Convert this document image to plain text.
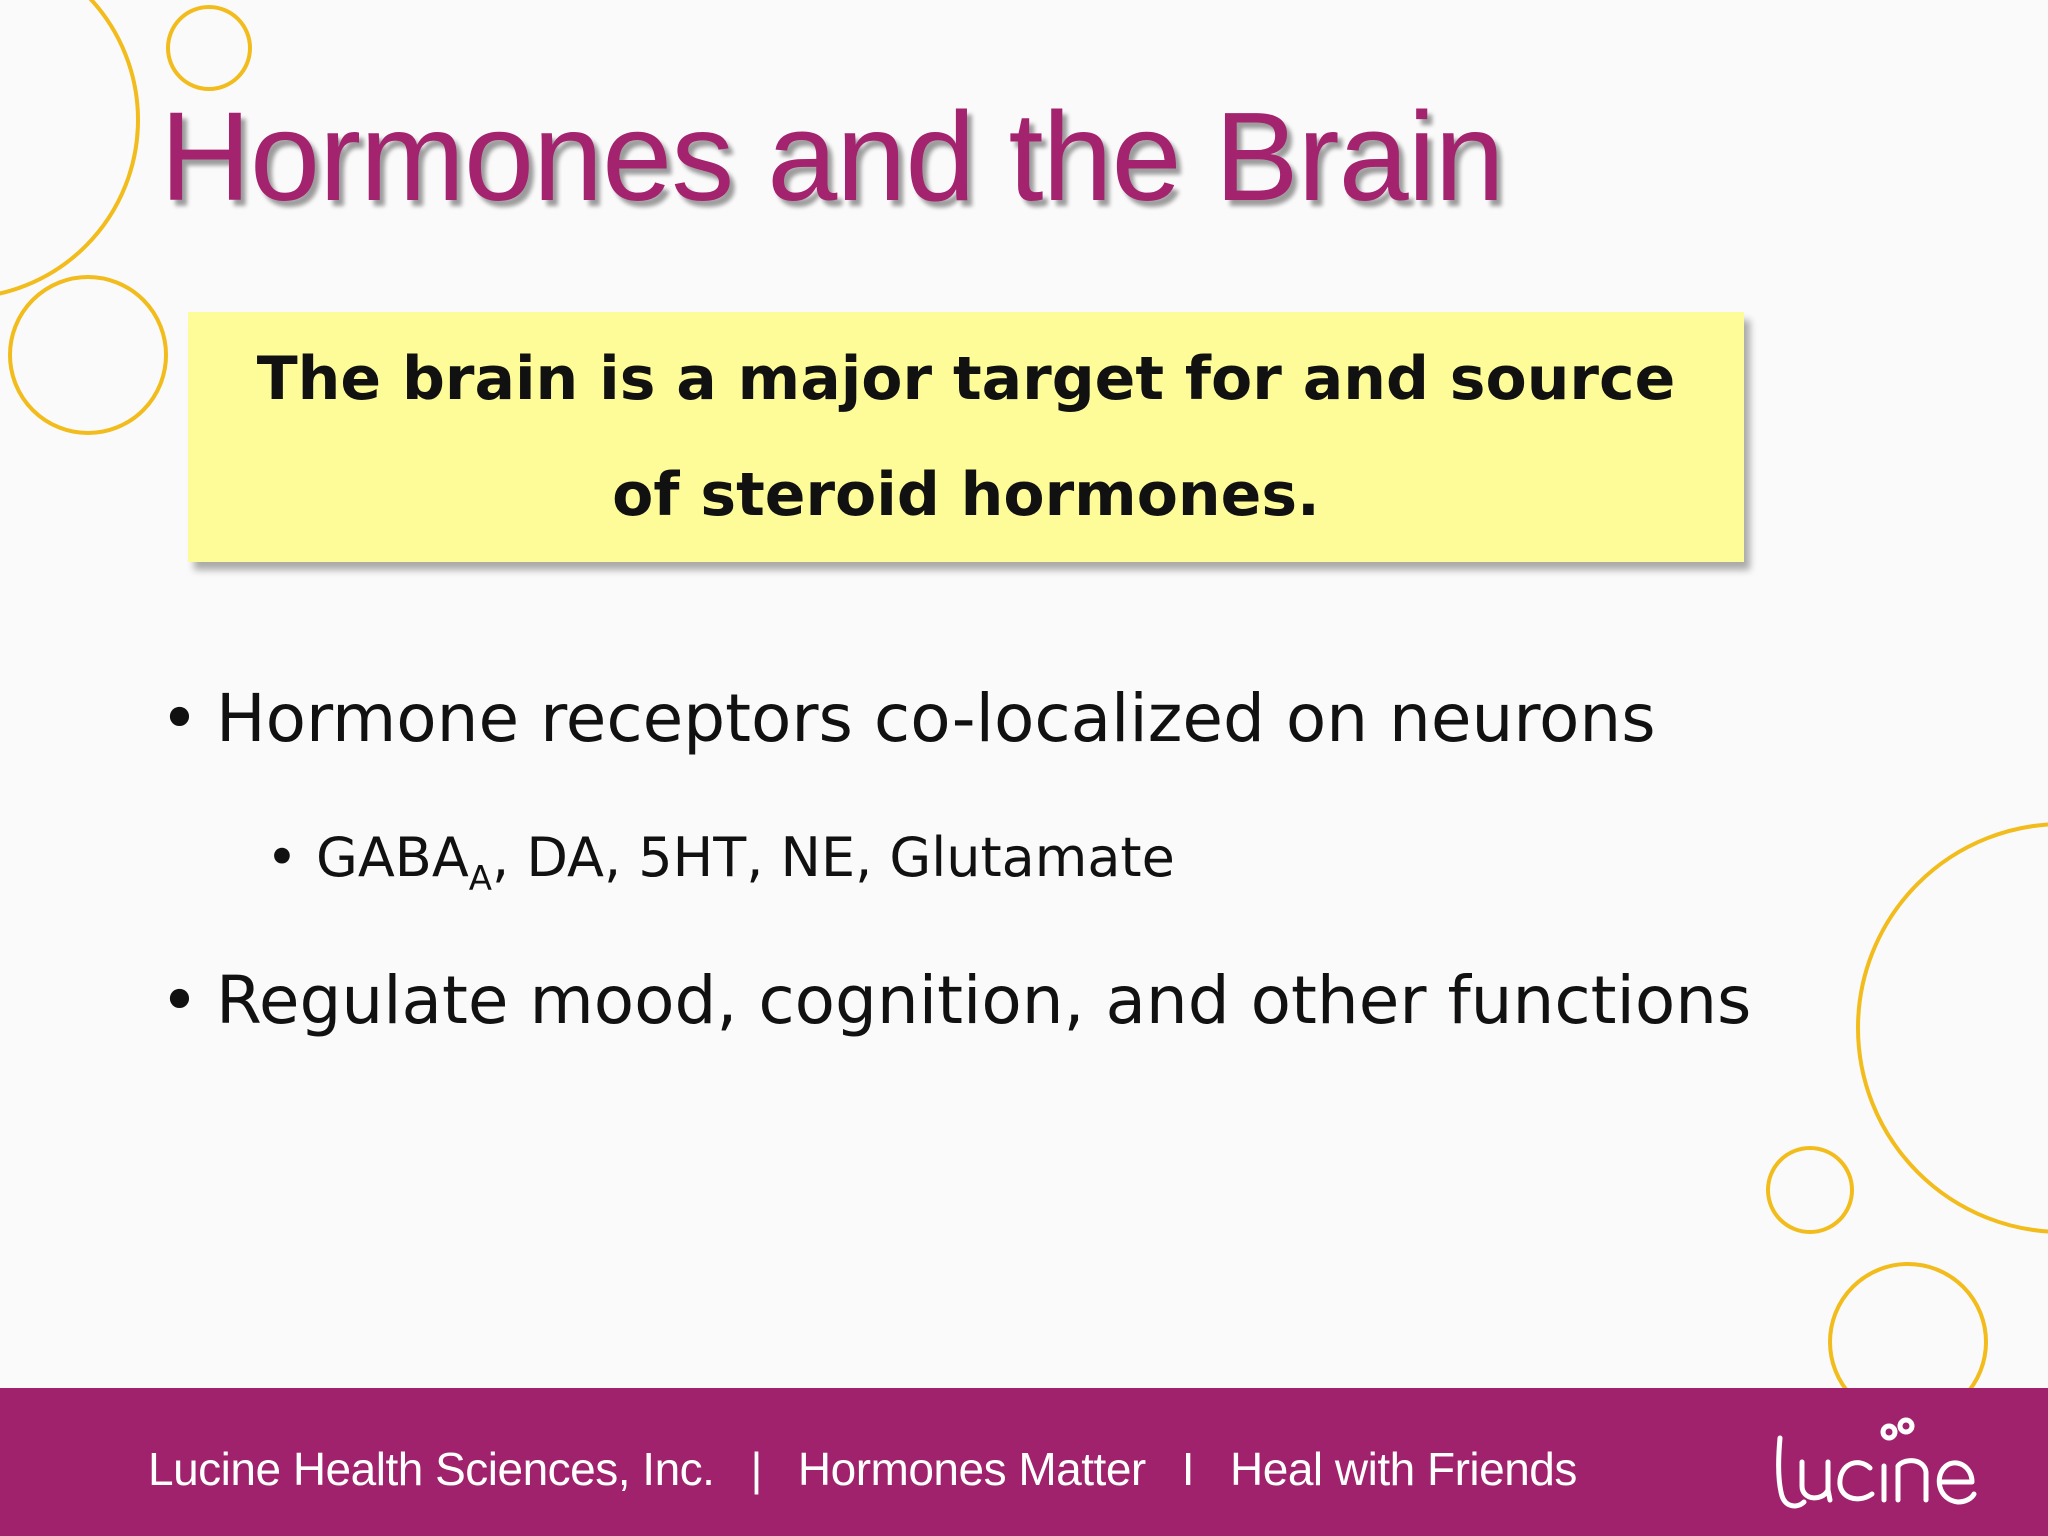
Hormones and the Brain
The brain is a major target for and source of steroid hormones.
• Hormone receptors co-localized on neurons
• $GABA_A$, DA, 5HT, NE, Glutamate
• Regulate mood, cognition, and other functions
Lucine Health Sciences, Inc. | Hormones Matter I Heal with Friends
